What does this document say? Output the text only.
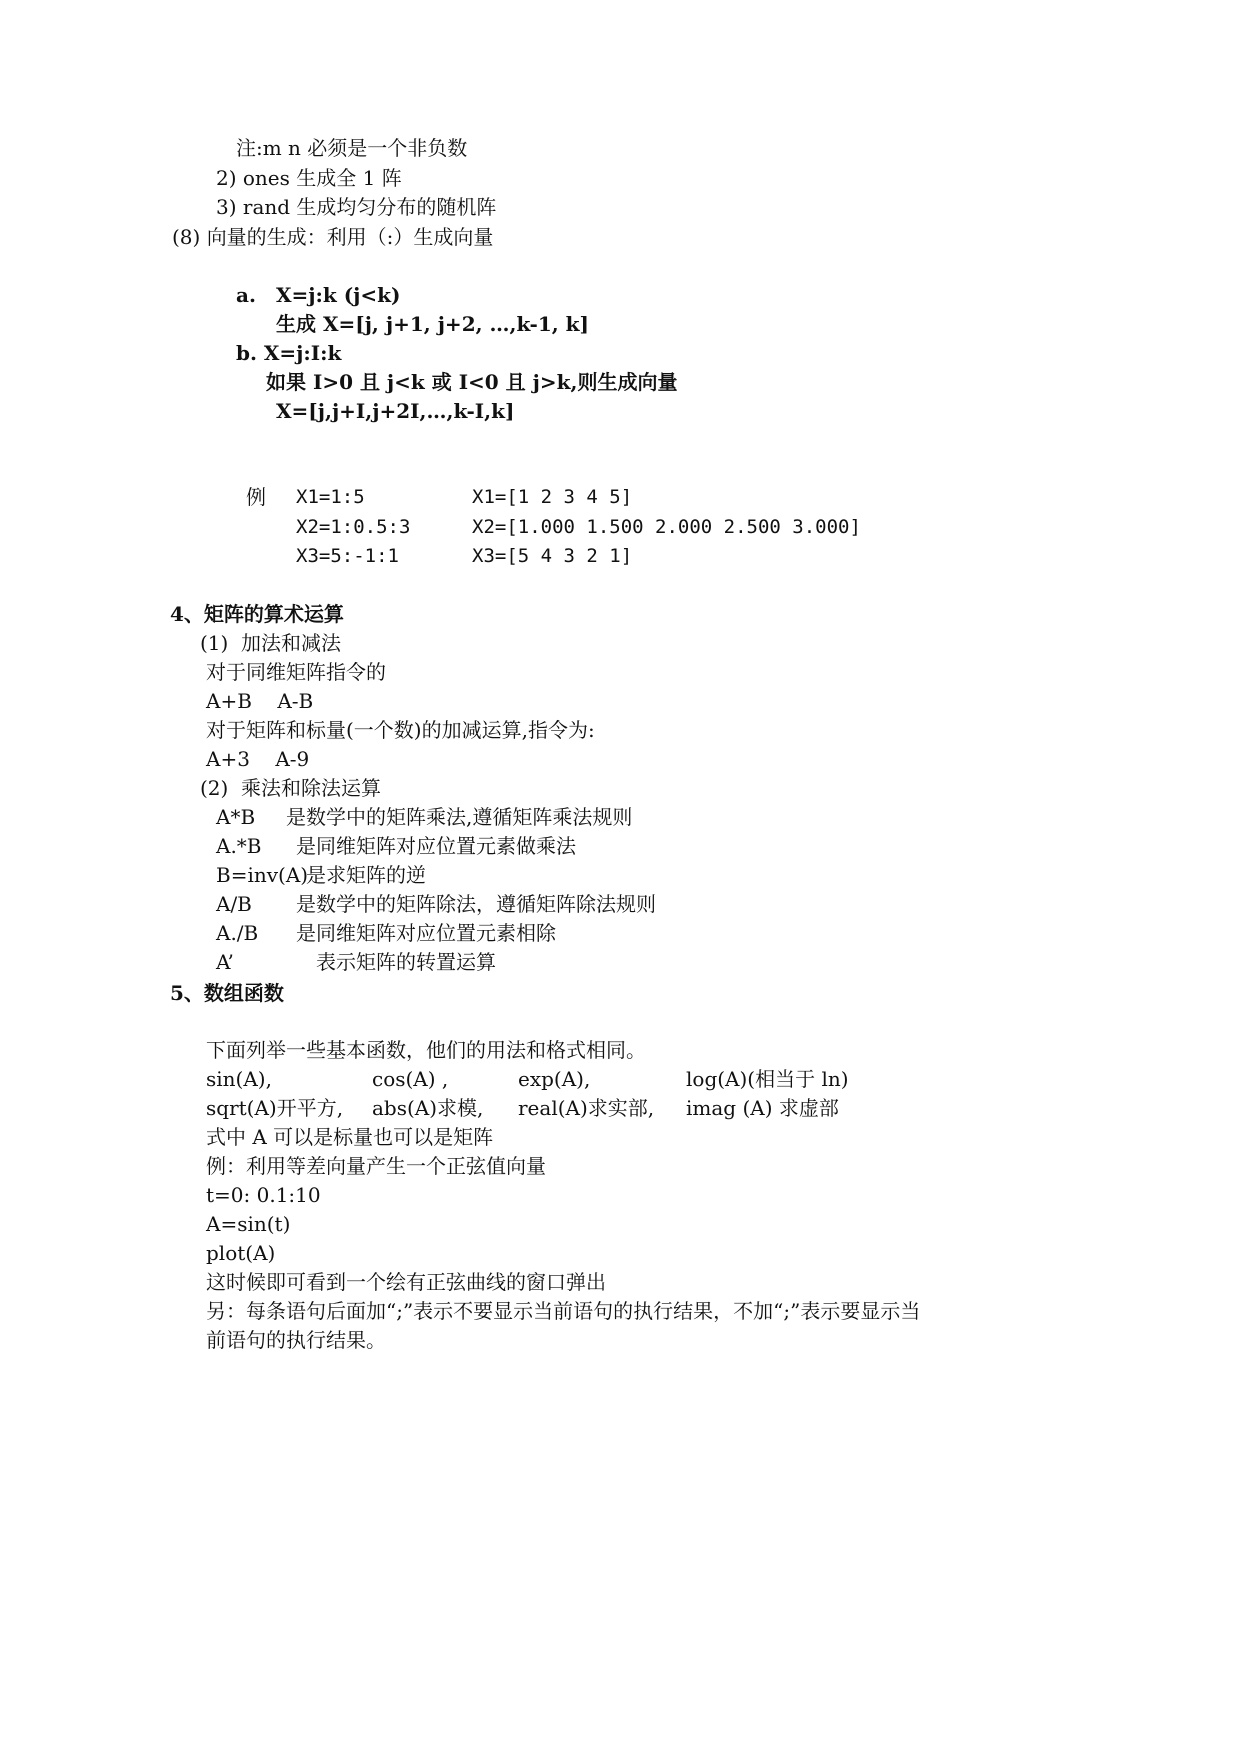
注:m n 必须是一个非负数
2) ones 生成全 1 阵
3) rand 生成均匀分布的随机阵
(8) 向量的生成：利用（:）生成向量
a. X=j:k (j<k)
生成 X=[j, j+1, j+2, …,k-1, k]
b. X=j:I:k
如果 I>0 且 j<k 或 I<0 且 j>k,则生成向量
X=[j,j+I,j+2I,…,k-I,k]
例 X1=1:5	X1=[1 2 3 4 5]
X2=1:0.5:3	X2=[1.000 1.500 2.000 2.500 3.000]
X3=5:-1:1	X3=[5 4 3 2 1]
4、矩阵的算术运算
(1)  加法和减法
对于同维矩阵指令的
A+B    A-B
对于矩阵和标量(一个数)的加减运算,指令为:
A+3    A-9
(2)  乘法和除法运算
A*B 是数学中的矩阵乘法,遵循矩阵乘法规则
A.*B 是同维矩阵对应位置元素做乘法
B=inv(A)
是求矩阵的逆
A/B 是数学中的矩阵除法，遵循矩阵除法规则
A./B 是同维矩阵对应位置元素相除
A’	表示矩阵的转置运算
5、数组函数
下面列举一些基本函数，他们的用法和格式相同。
sin(A),	cos(A) ,	exp(A),	log(A)(相当于 ln)
sqrt(A)开平方, abs(A)求模, real(A)求实部, imag (A) 求虚部
式中 A 可以是标量也可以是矩阵
例：利用等差向量产生一个正弦值向量
t=0: 0.1:10
A=sin(t)
plot(A)
这时候即可看到一个绘有正弦曲线的窗口弹出
另：每条语句后面加“;”表示不要显示当前语句的执行结果，不加“;”表示要显示当
前语句的执行结果。
